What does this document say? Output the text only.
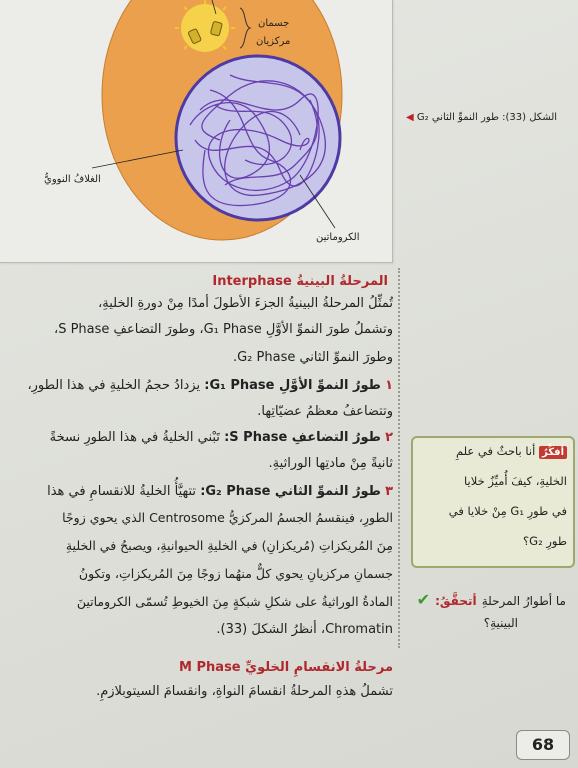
جسمان
مركزيان
الغلافُ النوويُّ
الكروماتين
الشكل (33): طور النموِّ الثاني G₂ ◀
المرحلةُ البينيةُ Interphase
تُمثِّلُ المرحلةُ البينيةُ الجزءَ الأطولَ أمدًا مِنْ دورةِ الخليةِ،
وتشملُ طورَ النموِّ الأوَّلِ G₁ Phase، وطورَ التضاعفِ S Phase،
وطورَ النموِّ الثاني G₂ Phase.
١ طورُ النموِّ الأوَّلِ G₁ Phase: يزدادُ حجمُ الخليةِ في هذا الطورِ،
وتتضاعفُ معظمُ عضيّاتِها.
٢ طورُ التضاعفِ S Phase: تَبْني الخليةُ في هذا الطورِ نسخةً
ثانيةً مِنْ مادتِها الوراثيةِ.
٣ طورُ النموِّ الثاني G₂ Phase: تتهيَّأُ الخليةُ للانقسامِ في هذا
الطورِ، فينقسمُ الجسمُ المركزيُّ Centrosome الذي يحوي زوجًا
مِنَ المُريكزاتِ (مُريكزانِ) في الخليةِ الحيوانيةِ، ويصبحُ في الخليةِ
جسمانِ مركزيانِ يحوي كلٌّ منهُما زوجًا مِنَ المُريكزاتِ، وتكونُ
المادةُ الوراثيةُ على شكلِ شبكةٍ مِنَ الخيوطِ تُسمّى الكروماتينَ
Chromatin، أنظرُ الشكلَ (33).
مرحلةُ الانقسامِ الخلويِّ M Phase
تشملُ هذهِ المرحلةُ انقسامَ النواةِ، وانقسامَ السيتوبلازمِ.
أفكِّرُ أنا باحثٌ في علمِ
الخليةِ، كيفَ أُميِّزُ خلايا
في طورِ G₁ مِنْ خلايا في
طورِ G₂؟
ما أطوارُ المرحلةِ أتحقَّقُ: ✔
البينيةِ؟
68
